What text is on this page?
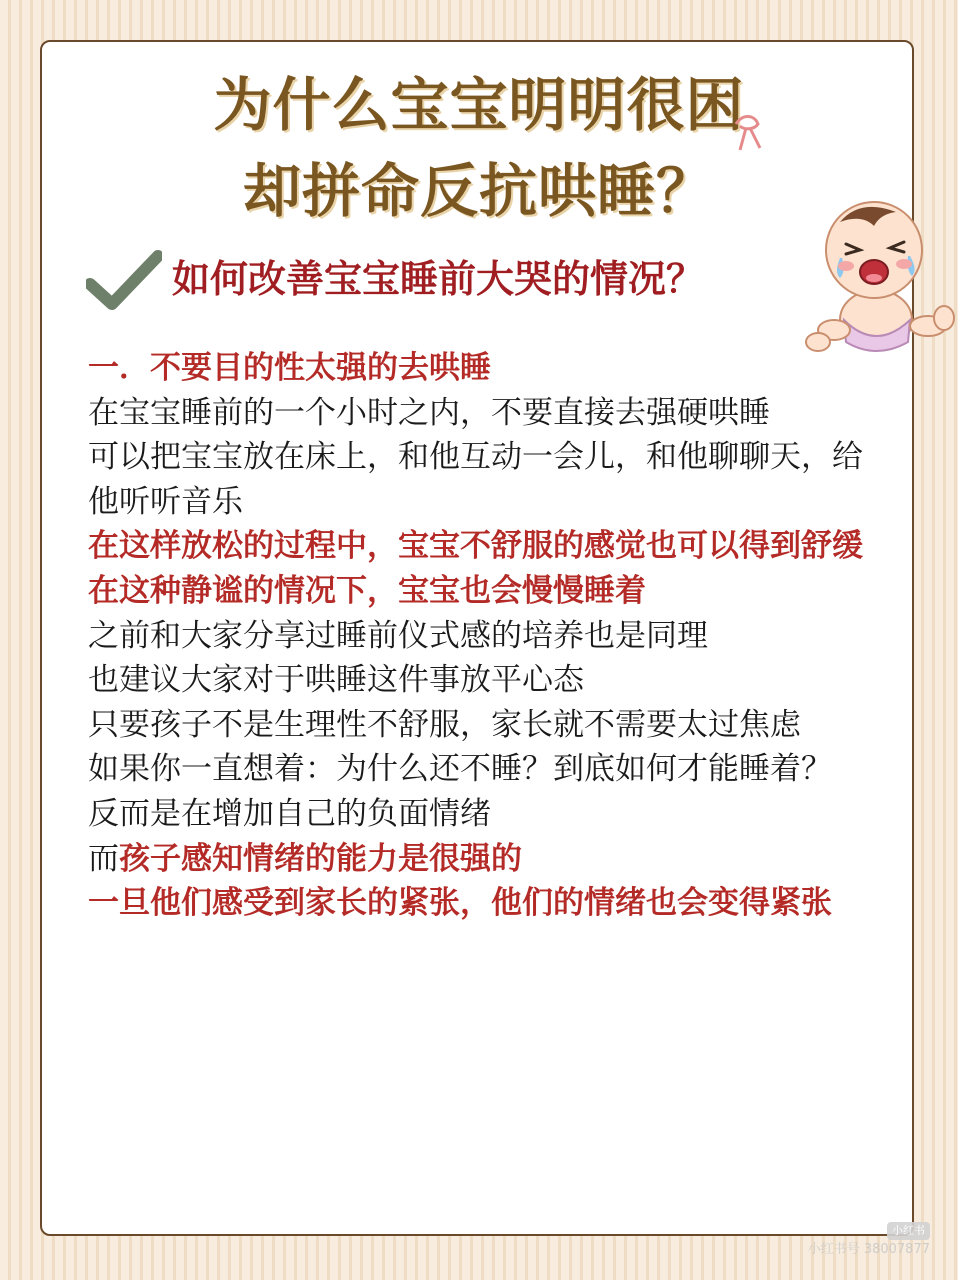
为什么宝宝明明很困
却拼命反抗哄睡？
如何改善宝宝睡前大哭的情况？
一．不要目的性太强的去哄睡
在宝宝睡前的一个小时之内，不要直接去强硬哄睡
可以把宝宝放在床上，和他互动一会儿，和他聊聊天，给他听听音乐
在这样放松的过程中，宝宝不舒服的感觉也可以得到舒缓
在这种静谧的情况下，宝宝也会慢慢睡着
之前和大家分享过睡前仪式感的培养也是同理
也建议大家对于哄睡这件事放平心态
只要孩子不是生理性不舒服，家长就不需要太过焦虑
如果你一直想着：为什么还不睡？到底如何才能睡着？
反而是在增加自己的负面情绪
而孩子感知情绪的能力是很强的
一旦他们感受到家长的紧张，他们的情绪也会变得紧张
小红书
小红书号 38007877
